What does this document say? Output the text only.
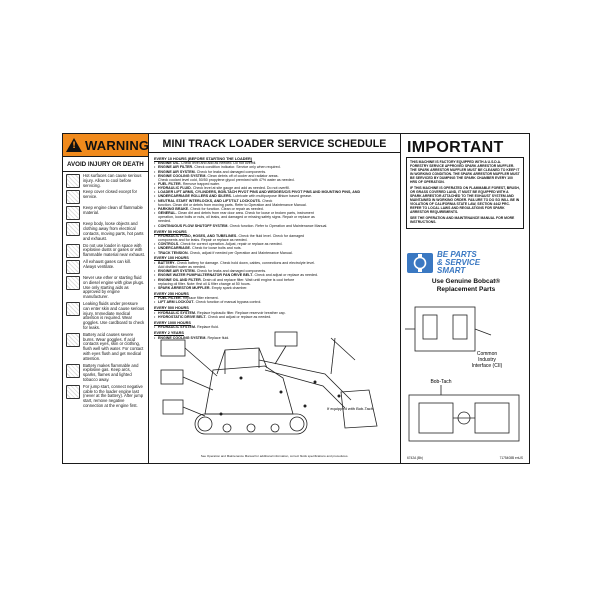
! WARNING
AVOID INJURY OR DEATH
Hot surfaces can cause serious injury. Allow to cool before servicing.
Keep cover closed except for service.
Keep engine clean of flammable material.
Keep body, loose objects and clothing away from electrical contacts, moving parts, hot parts and exhaust.
Do not use loader in space with explosive dusts or gases or with flammable material near exhaust.
All exhaust gases can kill. Always ventilate.
Never use ether or starting fluid on diesel engine with glow plugs. Use only starting aids as approved by engine manufacturer.
Leaking fluids under pressure can enter skin and cause serious injury. Immediate medical attention is required. Wear goggles. Use cardboard to check for leaks.
Battery acid causes severe burns. Wear goggles. If acid contacts eyes, skin or clothing, flush well with water. For contact with eyes flush and get medical attention.
Battery makes flammable and explosive gas. Keep arcs, sparks, flames and lighted tobacco away.
For jump start, connect negative cable to the loader engine last (never at the battery). After jump start, remove negative connection at the engine first.
MINI TRACK LOADER SERVICE SCHEDULE
EVERY 10 HOURS (BEFORE STARTING THE LOADER)
• ENGINE OIL - Check level and add as needed. Do not overfill.
• ENGINE AIR FILTER - Check condition indicator. Service only when required.
• ENGINE AIR SYSTEM - Check for leaks and damaged components.
• ENGINE COOLING SYSTEM - Clean debris off of cooler and radiator areas.
Check coolant level cold, 50/50 propylene glycol premixed with 47% water as needed.
• FUEL FILTER - Remove trapped water.
• HYDRAULIC FLUID - Check level at site gauge and add as needed. Do not overfill.
• LOADER LIFT ARMS, CYLINDERS, BOB-TACH PIVOT PINS AND WEDGES/C/S PIVOT PINS AND MOUNTING PINS, AND
• UNDERCARRIAGE ROLLERS AND IDLERS - Lubricate with multipurpose lithium based grease.
• NEUTRAL START INTERLOCKS, AND LIFT/TILT LOCKOUTS - Check
function. Clean dirt or debris from moving parts. Refer to Operation and Maintenance Manual.
• PARKING BRAKE - Check for function. Clean or repair as needed.
• GENERAL - Clean dirt and debris from rear door area. Check for loose or broken parts, instrument
operation, loose bolts or nuts, oil leaks, and damaged or missing safety signs. Repair or replace as
needed.
• CONTINUOUS FLOW SHUTOFF SYSTEM - Check function. Refer to Operation and Maintenance Manual.
EVERY 50 HOURS
• HYDRAULIC FLUID, HOSES, AND TUBELINES - Check the fluid level. Check for damaged
components and for leaks. Repair or replace as needed.
• CONTROLS - Check for correct operation. Adjust, repair or replace as needed.
• UNDERCARRIAGE - Check for loose bolts and nuts.
• TRACK TENSION - Check, adjust if needed per Operation and Maintenance Manual.
EVERY 100 HOURS
• BATTERY - Check battery for damage. Check hold down, cables, connections and electrolyte level.
Add distilled water as needed.
• ENGINE AIR SYSTEM - Check for leaks and damaged components.
• ENGINE WATER PUMP/ALTERNATOR FAN DRIVE BELT - Check and adjust or replace as needed.
• ENGINE OIL AND FILTER - Drain oil and replace filter. Wait until engine is cool before
replacing oil filter. Note: first oil & filter change at 50 hours.
• SPARK ARRESTOR MUFFLER - Empty spark chamber.
EVERY 250 HOURS
• FUEL FILTER - Replace filter element.
• LIFT ARM LOCKOUT - Check function of manual bypass control.
EVERY 500 HOURS
• HYDRAULIC SYSTEM - Replace hydraulic filter. Replace reservoir breather cap.
• HYDROSTATIC DRIVE BELT - Check and adjust or replace as needed.
EVERY 1000 HOURS
• HYDRAULIC SYSTEM - Replace fluid.
EVERY 2 YEARS
• ENGINE COOLING SYSTEM - Replace fluid.
If equipped with Bob-Tach
See Operation and Maintenance Manual for additional information, correct fluids specifications and procedures.
IMPORTANT

THIS MACHINE IS FACTORY EQUIPPED WITH A U.S.D.A. FORESTRY SERVICE APPROVED SPARK ARRESTOR MUFFLER. THE SPARK ARRESTOR MUFFLER MUST BE CLEANED TO KEEP IT IN WORKING CONDITION. THE SPARK ARRESTOR MUFFLER MUST BE SERVICED BY DUMPING THE SPARK CHAMBER EVERY 100 HRS OF OPERATION.

IF THIS MACHINE IS OPERATED ON FLAMMABLE FOREST, BRUSH, OR GRASS COVERED LAND, IT MUST BE EQUIPPED WITH A SPARK ARRESTOR ATTACHED TO THE EXHAUST SYSTEM AND MAINTAINED IN WORKING ORDER. FAILURE TO DO SO WILL BE IN VIOLATION OF CALIFORNIA STATE LAW, SECTION 4442 PRC. REFER TO LOCAL LAWS AND REGULATIONS FOR SPARK ARRESTOR REQUIREMENTS.

SEE THE OPERATION AND MAINTENANCE MANUAL FOR MORE INSTRUCTIONS.

BE PARTS
& SERVICE
SMART
Use Genuine Bobcat®
Replacement Parts
Common
Industry
Interface (CII)
Bob-Tach
6742A (Bb)	7175408B enUS
